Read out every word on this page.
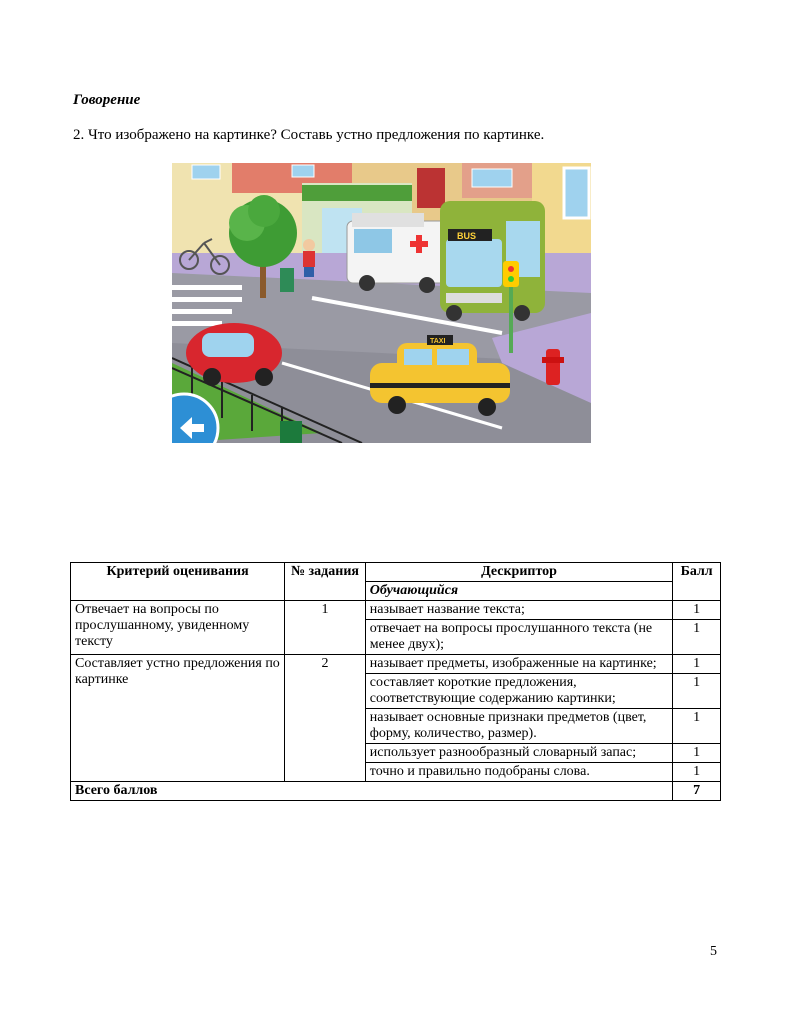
Говорение
2. Что изображено на картинке? Составь устно предложения по картинке.
BUS
TAXI
Критерий оценивания	№ задания	Дескриптор	Балл
		Обучающийся	
Отвечает на вопросы по прослушанному, увиденному тексту	1	называет название текста;	1
		отвечает на вопросы прослушанного текста (не менее двух);	1
Составляет устно предложения по картинке	2	называет предметы, изображенные на картинке;	1
		составляет короткие предложения, соответствующие содержанию картинки;	1
		называет основные признаки предметов (цвет, форму, количество, размер).	1
		использует разнообразный словарный запас;	1
		точно и правильно подобраны слова.	1
Всего баллов			7
5
